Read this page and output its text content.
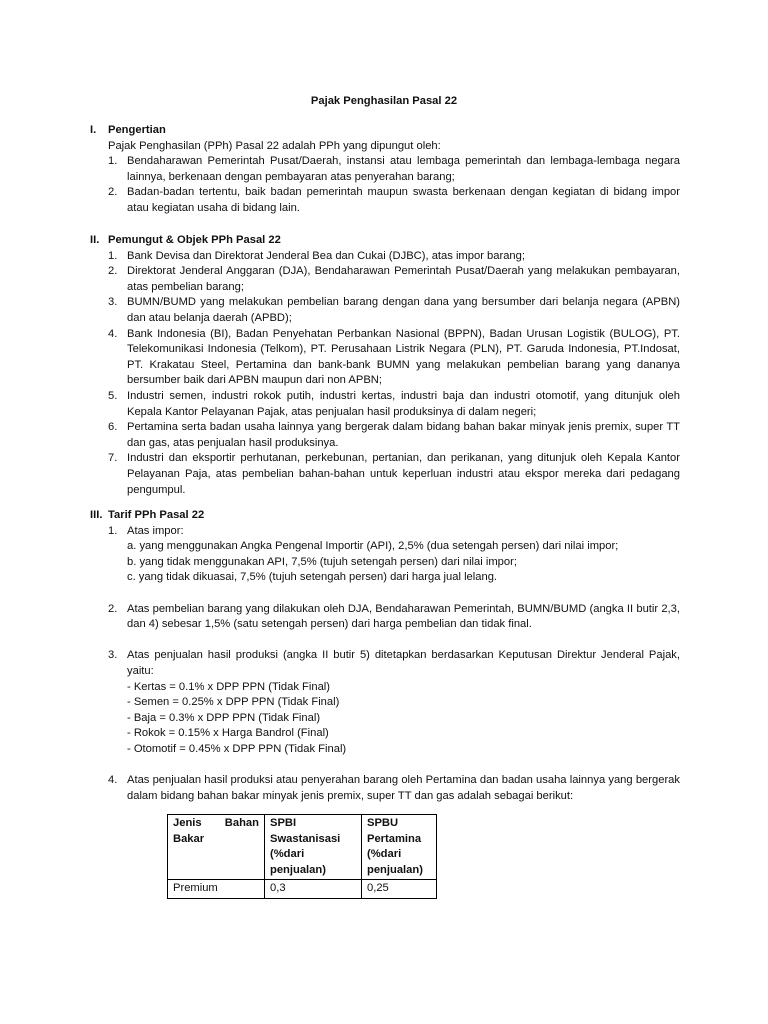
Pajak Penghasilan Pasal 22
I. Pengertian
Pajak Penghasilan (PPh) Pasal 22 adalah PPh yang dipungut oleh:
1. Bendaharawan Pemerintah Pusat/Daerah, instansi atau lembaga pemerintah dan lembaga-lembaga negara lainnya, berkenaan dengan pembayaran atas penyerahan barang;
2. Badan-badan tertentu, baik badan pemerintah maupun swasta berkenaan dengan kegiatan di bidang impor atau kegiatan usaha di bidang lain.
II. Pemungut & Objek PPh Pasal 22
1. Bank Devisa dan Direktorat Jenderal Bea dan Cukai (DJBC), atas impor barang;
2. Direktorat Jenderal Anggaran (DJA), Bendaharawan Pemerintah Pusat/Daerah yang melakukan pembayaran, atas pembelian barang;
3. BUMN/BUMD yang melakukan pembelian barang dengan dana yang bersumber dari belanja negara (APBN) dan atau belanja daerah (APBD);
4. Bank Indonesia (BI), Badan Penyehatan Perbankan Nasional (BPPN), Badan Urusan Logistik (BULOG), PT. Telekomunikasi Indonesia (Telkom), PT. Perusahaan Listrik Negara (PLN), PT. Garuda Indonesia, PT.Indosat, PT. Krakatau Steel, Pertamina dan bank-bank BUMN yang melakukan pembelian barang yang dananya bersumber baik dari APBN maupun dari non APBN;
5. Industri semen, industri rokok putih, industri kertas, industri baja dan industri otomotif, yang ditunjuk oleh Kepala Kantor Pelayanan Pajak, atas penjualan hasil produksinya di dalam negeri;
6. Pertamina serta badan usaha lainnya yang bergerak dalam bidang bahan bakar minyak jenis premix, super TT dan gas, atas penjualan hasil produksinya.
7. Industri dan eksportir perhutanan, perkebunan, pertanian, dan perikanan, yang ditunjuk oleh Kepala Kantor Pelayanan Paja, atas pembelian bahan-bahan untuk keperluan industri atau ekspor mereka dari pedagang pengumpul.
III. Tarif PPh Pasal 22
1. Atas impor:
a. yang menggunakan Angka Pengenal Importir (API), 2,5% (dua setengah persen) dari nilai impor;
b. yang tidak menggunakan API, 7,5% (tujuh setengah persen) dari nilai impor;
c. yang tidak dikuasai, 7,5% (tujuh setengah persen) dari harga jual lelang.
2. Atas pembelian barang yang dilakukan oleh DJA, Bendaharawan Pemerintah, BUMN/BUMD (angka II butir 2,3, dan 4) sebesar 1,5% (satu setengah persen) dari harga pembelian dan tidak final.
3. Atas penjualan hasil produksi (angka II butir 5) ditetapkan berdasarkan Keputusan Direktur Jenderal Pajak, yaitu:
- Kertas = 0.1% x DPP PPN (Tidak Final)
- Semen = 0.25% x DPP PPN (Tidak Final)
- Baja = 0.3% x DPP PPN (Tidak Final)
- Rokok = 0.15% x Harga Bandrol (Final)
- Otomotif = 0.45% x DPP PPN (Tidak Final)
4. Atas penjualan hasil produksi atau penyerahan barang oleh Pertamina dan badan usaha lainnya yang bergerak dalam bidang bahan bakar minyak jenis premix, super TT dan gas adalah sebagai berikut:
Jenis Bahan
Bakar	SPBI Swastanisasi (%dari penjualan)	SPBU Pertamina (%dari penjualan)
Premium	0,3	0,25
